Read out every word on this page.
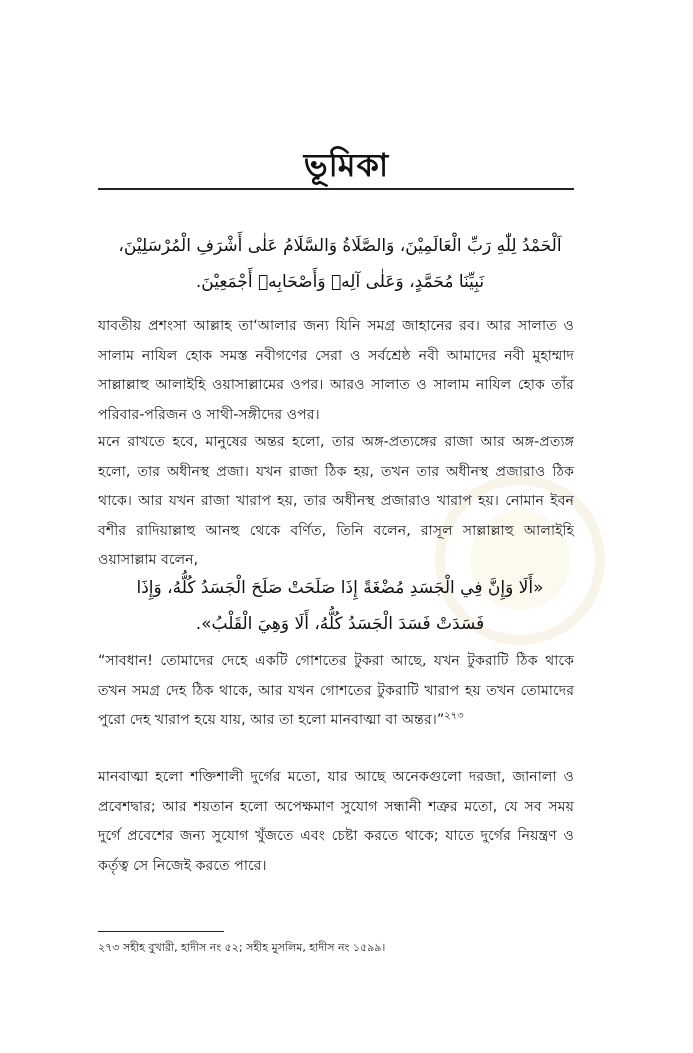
ভূমিকা
اَلْحَمْدُ لِلّٰهِ رَبِّ الْعَالَمِيْنَ، وَالصَّلَاةُ وَالسَّلَامُ عَلٰى أَشْرَفِ الْمُرْسَلِيْنَ،
نَبِيِّنَا مُحَمَّدٍ، وَعَلٰى آلِهٖ وَأَصْحَابِهٖ أَجْمَعِيْنَ.
যাবতীয় প্রশংসা আল্লাহ তা‘আলার জন্য যিনি সমগ্র জাহানের রব। আর সালাত ও সালাম নাযিল হোক সমস্ত নবীগণের সেরা ও সর্বশ্রেষ্ঠ নবী আমাদের নবী মুহাম্মাদ সাল্লাল্লাহু আলাইহি ওয়াসাল্লামের ওপর। আরও সালাত ও সালাম নাযিল হোক তাঁর পরিবার-পরিজন ও সাথী-সঙ্গীদের ওপর।
মনে রাখতে হবে, মানুষের অন্তর হলো, তার অঙ্গ-প্রত্যঙ্গের রাজা আর অঙ্গ-প্রত্যঙ্গ হলো, তার অধীনস্থ প্রজা। যখন রাজা ঠিক হয়, তখন তার অধীনস্থ প্রজারাও ঠিক থাকে। আর যখন রাজা খারাপ হয়, তার অধীনস্থ প্রজারাও খারাপ হয়। নোমান ইবন বশীর রাদিয়াল্লাহু আনহু থেকে বর্ণিত, তিনি বলেন, রাসূল সাল্লাল্লাহু আলাইহি ওয়াসাল্লাম বলেন,
«أَلَا وَإِنَّ فِي الْجَسَدِ مُضْغَةً إِذَا صَلَحَتْ صَلَحَ الْجَسَدُ كُلُّهُ، وَإِذَا
فَسَدَتْ فَسَدَ الْجَسَدُ كُلُّهُ، أَلَا وَهِيَ الْقَلْبُ».
“সাবধান! তোমাদের দেহে একটি গোশতের টুকরা আছে, যখন টুকরাটি ঠিক থাকে তখন সমগ্র দেহ ঠিক থাকে, আর যখন গোশতের টুকরাটি খারাপ হয় তখন তোমাদের পুরো দেহ খারাপ হয়ে যায়, আর তা হলো মানবাত্মা বা অন্তর।”$^{২৭৩}$
মানবাত্মা হলো শক্তিশালী দুর্গের মতো, যার আছে অনেকগুলো দরজা, জানালা ও প্রবেশদ্বার; আর শয়তান হলো অপেক্ষমাণ সুযোগ সন্ধানী শত্রুর মতো, যে সব সময় দুর্গে প্রবেশের জন্য সুযোগ খুঁজতে এবং চেষ্টা করতে থাকে; যাতে দুর্গের নিয়ন্ত্রণ ও কর্তৃত্ব সে নিজেই করতে পারে।
২৭৩ সহীহ বুখারী, হাদীস নং ৫২; সহীহ মুসলিম, হাদীস নং ১৫৯৯।
